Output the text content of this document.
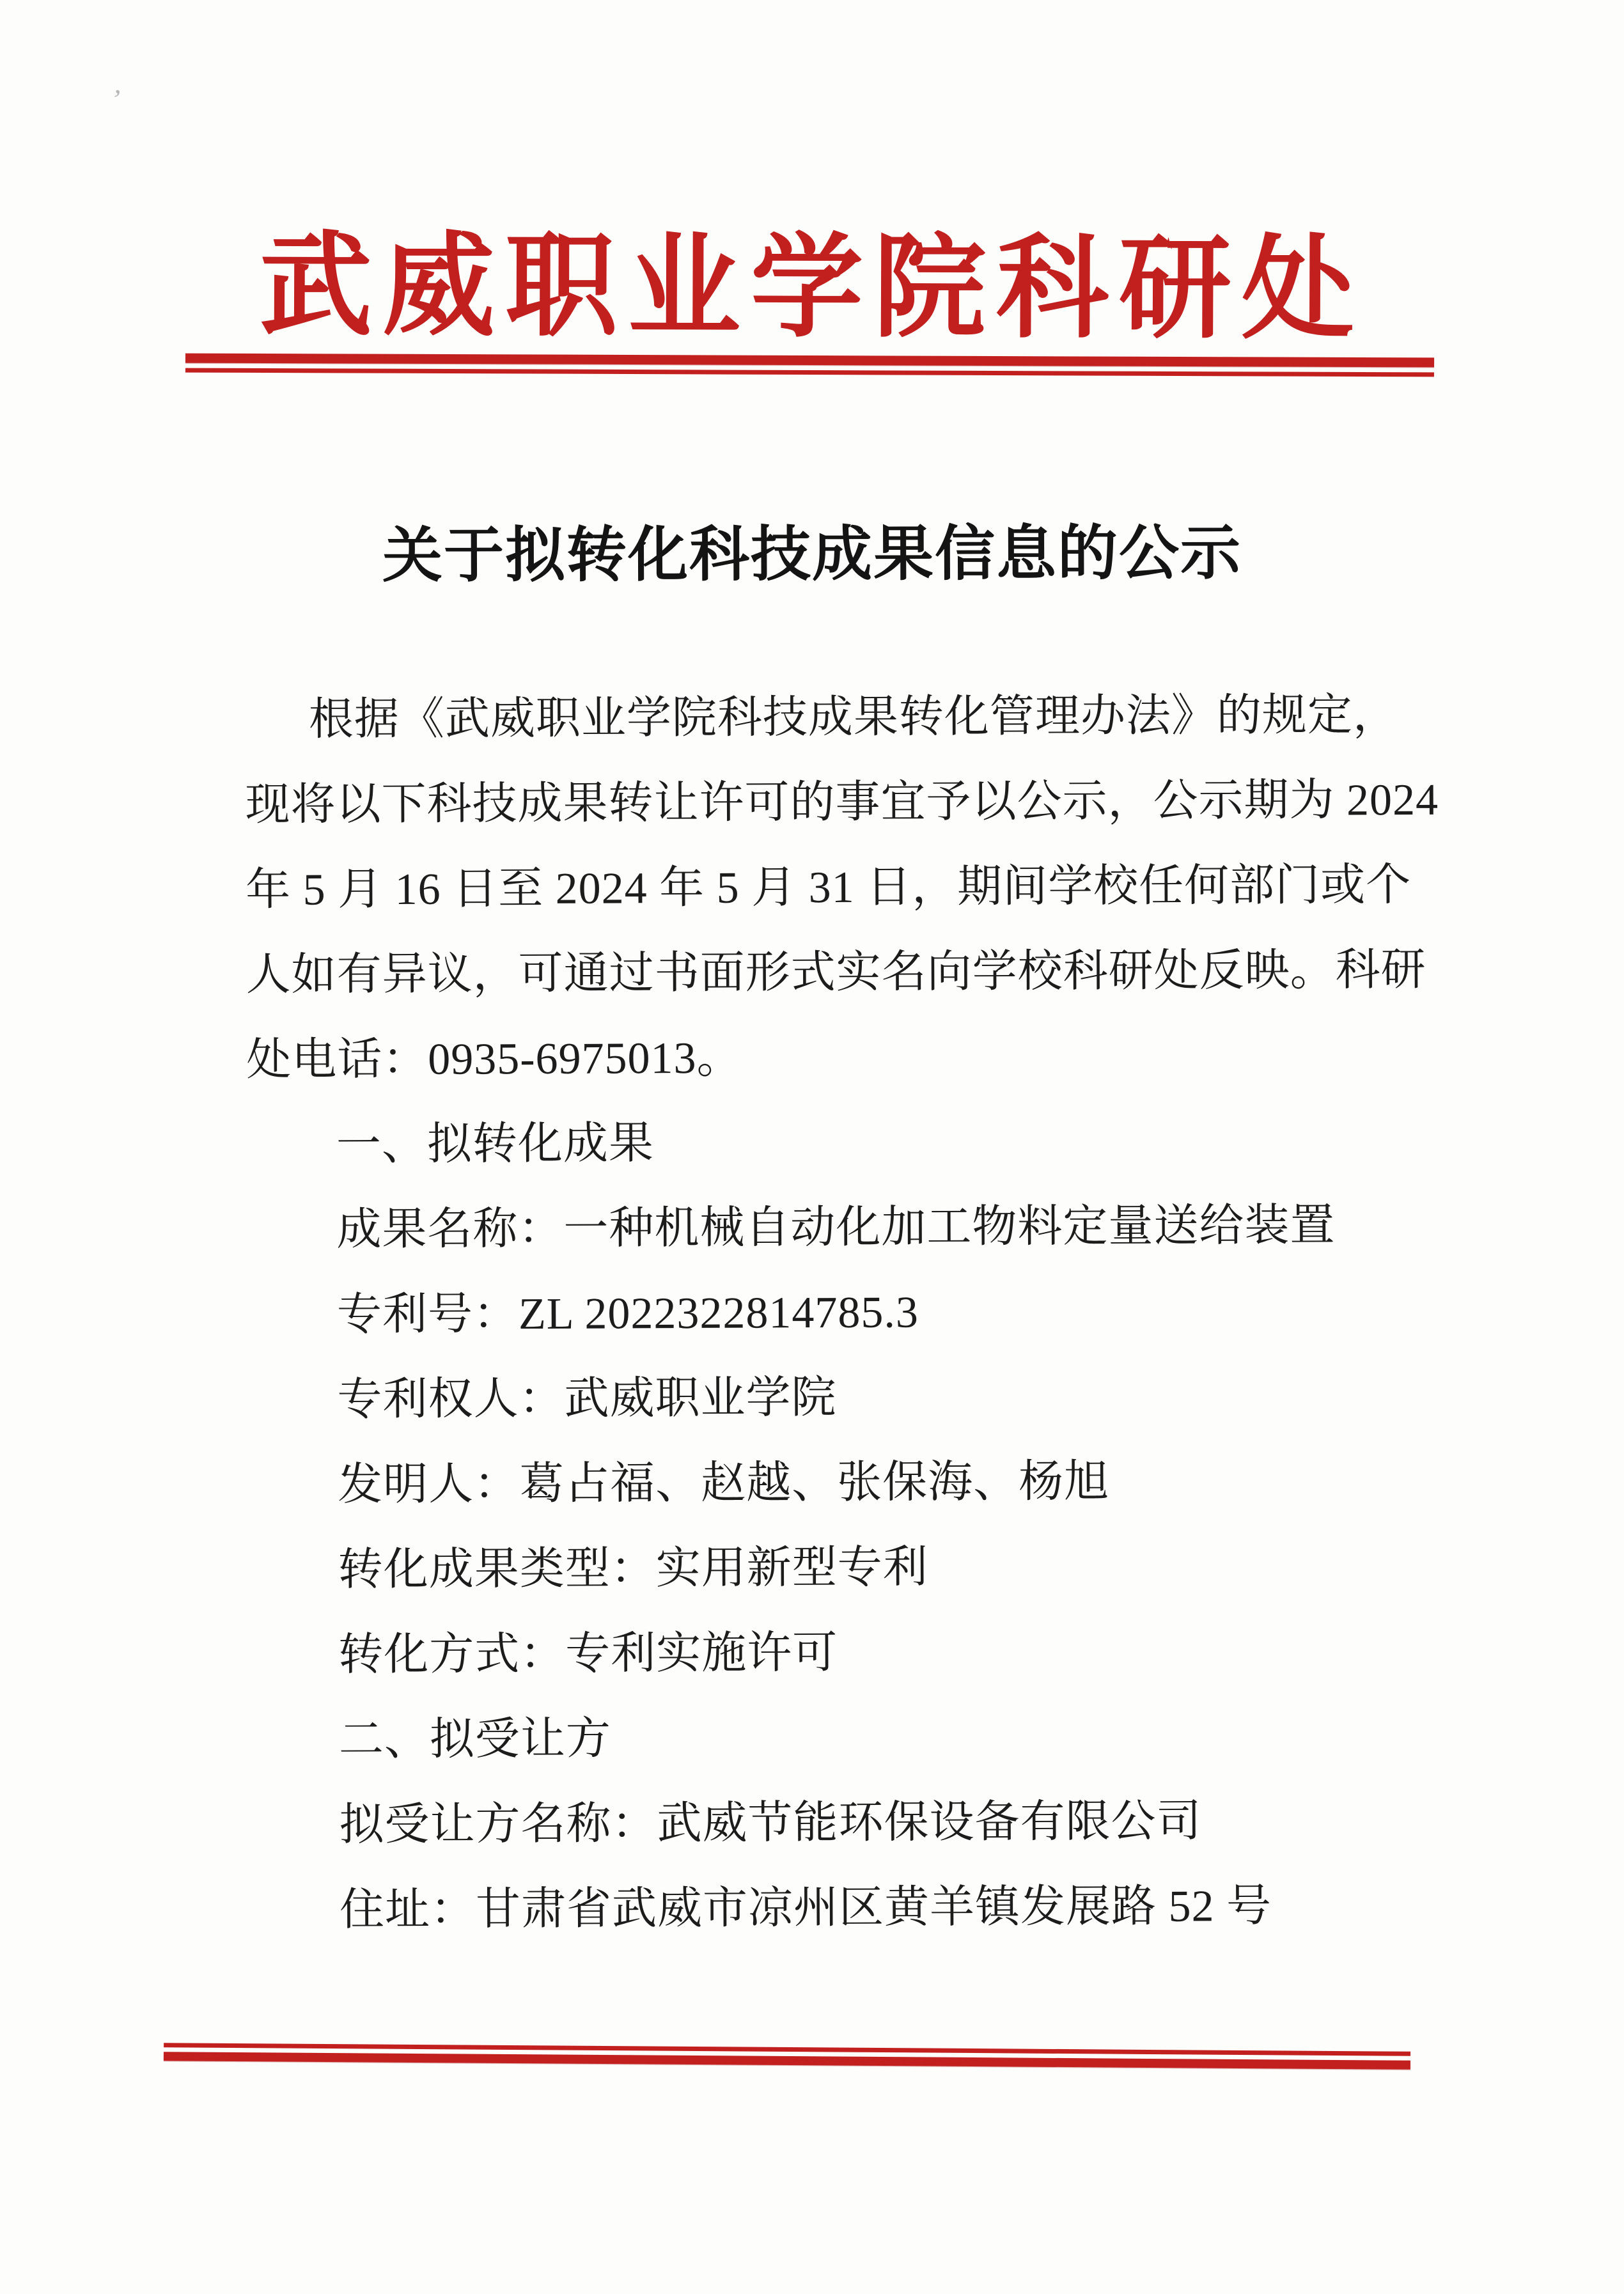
’
武威职业学院科研处
关于拟转化科技成果信息的公示
根据《武威职业学院科技成果转化管理办法》的规定，
现将以下科技成果转让许可的事宜予以公示，公示期为 2024
年 5 月 16 日至 2024 年 5 月 31 日，期间学校任何部门或个
人如有异议，可通过书面形式实名向学校科研处反映。科研
处电话：0935-6975013。
一、拟转化成果
成果名称：一种机械自动化加工物料定量送给装置
专利号：ZL 2022322814785.3
专利权人：武威职业学院
发明人：葛占福、赵越、张保海、杨旭
转化成果类型：实用新型专利
转化方式：专利实施许可
二、拟受让方
拟受让方名称：武威节能环保设备有限公司
住址：甘肃省武威市凉州区黄羊镇发展路 52 号
